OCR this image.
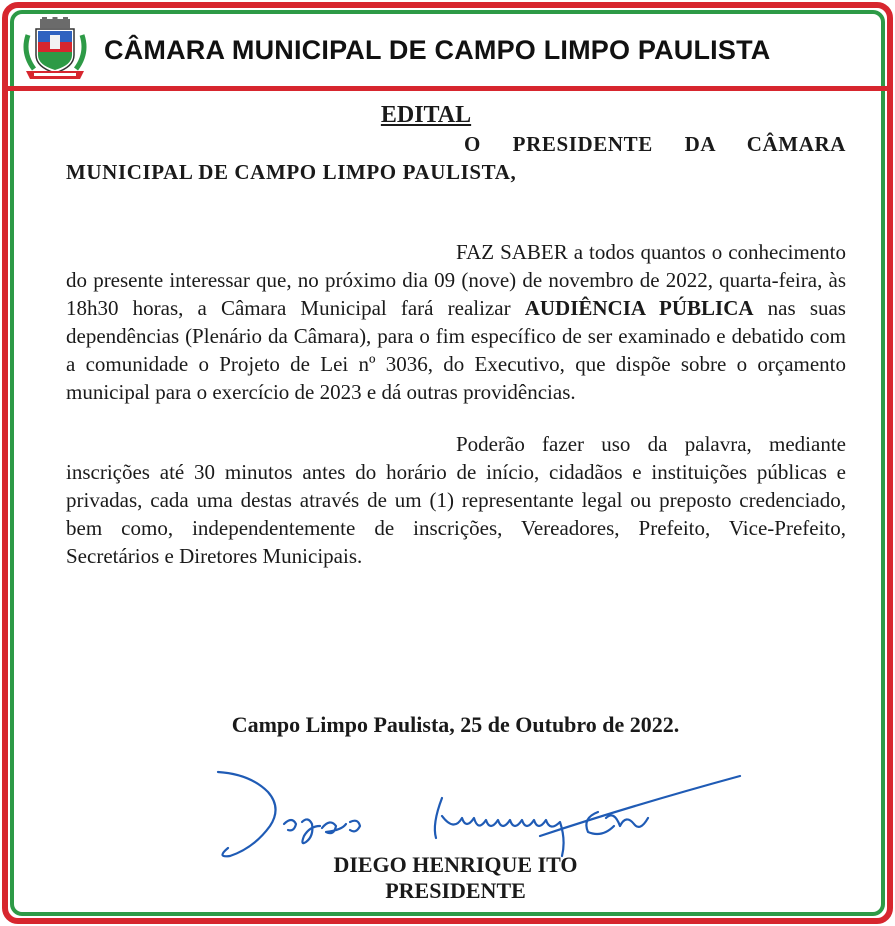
CÂMARA MUNICIPAL DE CAMPO LIMPO PAULISTA
EDITAL

O PRESIDENTE DA CÂMARA MUNICIPAL DE CAMPO LIMPO PAULISTA,

FAZ SABER a todos quantos o conhecimento do presente interessar que, no próximo dia 09 (nove) de novembro de 2022, quarta-feira, às 18h30 horas, a Câmara Municipal fará realizar AUDIÊNCIA PÚBLICA nas suas dependências (Plenário da Câmara), para o fim específico de ser examinado e debatido com a comunidade o Projeto de Lei nº 3036, do Executivo, que dispõe sobre o orçamento municipal para o exercício de 2023 e dá outras providências.

Poderão fazer uso da palavra, mediante inscrições até 30 minutos antes do horário de início, cidadãos e instituições públicas e privadas, cada uma destas através de um (1) representante legal ou preposto credenciado, bem como, independentemente de inscrições, Vereadores, Prefeito, Vice-Prefeito, Secretários e Diretores Municipais.

Campo Limpo Paulista, 25 de Outubro de 2022.
DIEGO HENRIQUE ITO
PRESIDENTE
